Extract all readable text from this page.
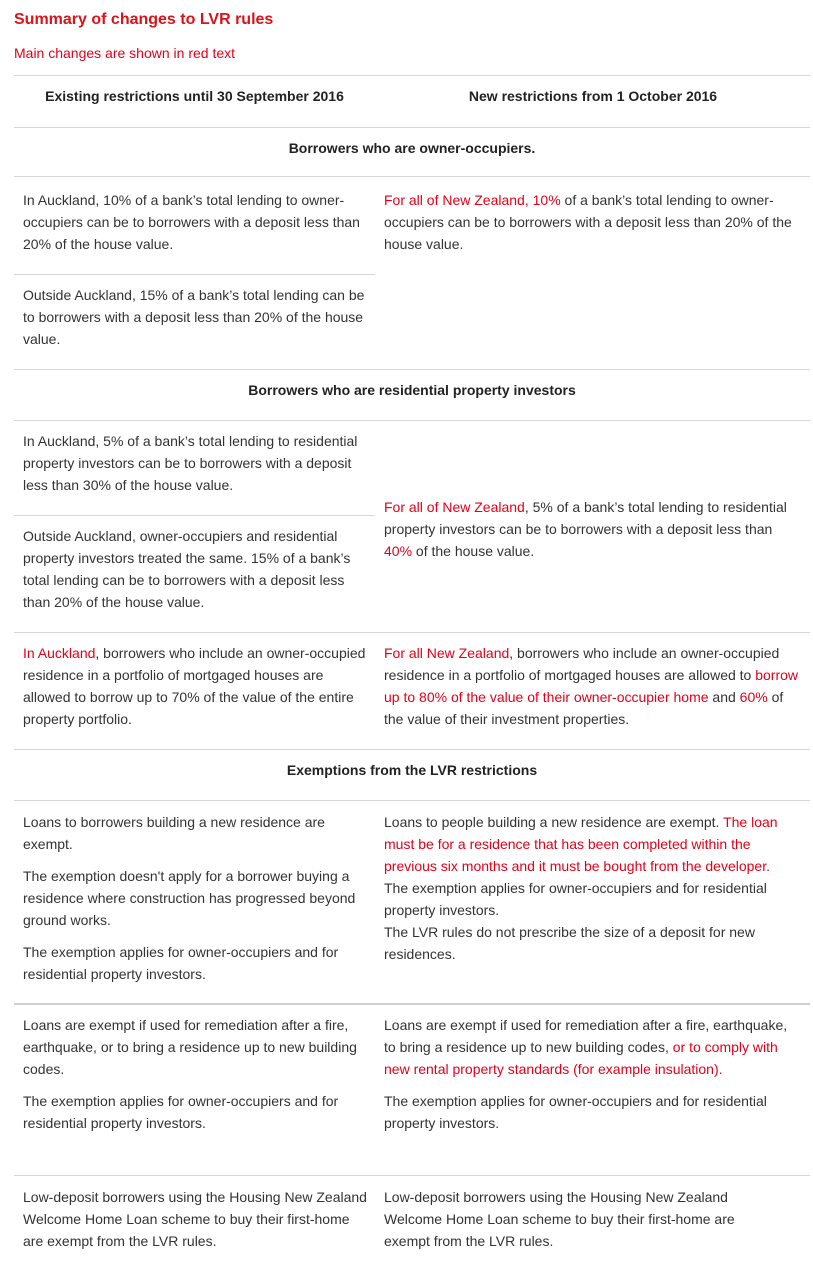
Summary of changes to LVR rules

Main changes are shown in red text

Existing restrictions until 30 September 2016	New restrictions from 1 October 2016
Borrowers who are owner-occupiers.
In Auckland, 10% of a bank’s total lending to owner-occupiers can be to borrowers with a deposit less than 20% of the house value.
Outside Auckland, 15% of a bank’s total lending can be to borrowers with a deposit less than 20% of the house value.
For all of New Zealand, 10% of a bank’s total lending to owner-occupiers can be to borrowers with a deposit less than 20% of the house value.
Borrowers who are residential property investors
In Auckland, 5% of a bank’s total lending to residential property investors can be to borrowers with a deposit less than 30% of the house value.
Outside Auckland, owner-occupiers and residential property investors treated the same. 15% of a bank’s total lending can be to borrowers with a deposit less than 20% of the house value.
For all of New Zealand, 5% of a bank’s total lending to residential property investors can be to borrowers with a deposit less than 40% of the house value.
In Auckland, borrowers who include an owner-occupied residence in a portfolio of mortgaged houses are allowed to borrow up to 70% of the value of the entire property portfolio.
For all New Zealand, borrowers who include an owner-occupied residence in a portfolio of mortgaged houses are allowed to borrow up to 80% of the value of their owner-occupier home and 60% of the value of their investment properties.
Exemptions from the LVR restrictions

Loans to borrowers building a new residence are exempt.

The exemption doesn't apply for a borrower buying a residence where construction has progressed beyond ground works.

The exemption applies for owner-occupiers and for residential property investors.

Loans to people building a new residence are exempt. The loan must be for a residence that has been completed within the previous six months and it must be bought from the developer.

The exemption applies for owner-occupiers and for residential property investors.

The LVR rules do not prescribe the size of a deposit for new residences.

Loans are exempt if used for remediation after a fire, earthquake, or to bring a residence up to new building codes.

The exemption applies for owner-occupiers and for residential property investors.

Loans are exempt if used for remediation after a fire, earthquake, to bring a residence up to new building codes, or to comply with new rental property standards (for example insulation).

The exemption applies for owner-occupiers and for residential property investors.

Low-deposit borrowers using the Housing New Zealand Welcome Home Loan scheme to buy their first-home are exempt from the LVR rules.
Low-deposit borrowers using the Housing New Zealand Welcome Home Loan scheme to buy their first-home are exempt from the LVR rules.
